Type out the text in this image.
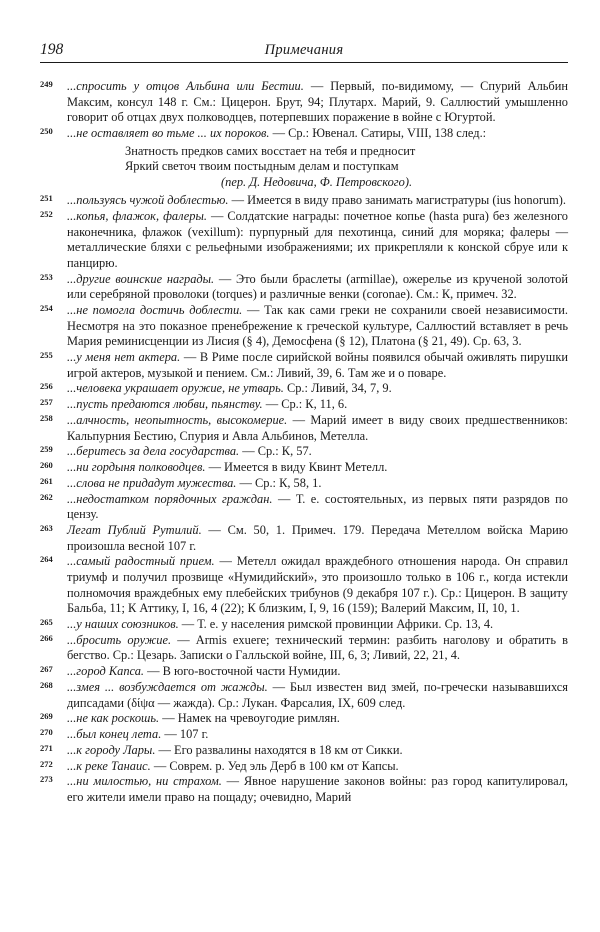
198	Примечания
249 ...спросить у отцов Альбина или Бестии. — Первый, по-видимому, — Спурий Альбин Максим, консул 148 г. См.: Цицерон. Брут, 94; Плутарх. Марий, 9. Саллюстий умышленно говорит об отцах двух полководцев, потерпевших поражение в войне с Югуртой.
250 ...не оставляет во тьме ... их пороков. — Ср.: Ювенал. Сатиры, VIII, 138 след.:
Знатность предков самих восстает на тебя и предносит
Яркий светоч твоим постыдным делам и поступкам
(пер. Д. Недовича, Ф. Петровского).
251 ...пользуясь чужой доблестью. — Имеется в виду право занимать магистратуры (ius honorum).
252 ...копья, флажок, фалеры. — Солдатские награды: почетное копье (hasta pura) без железного наконечника, флажок (vexillum): пурпурный для пехотинца, синий для моряка; фалеры — металлические бляхи с рельефными изображениями; их прикрепляли к конской сбруе или к панцирю.
253 ...другие воинские награды. — Это были браслеты (armillae), ожерелье из крученой золотой или серебряной проволоки (torques) и различные венки (coronae). См.: К, примеч. 32.
254 ...не помогла достичь доблести. — Так как сами греки не сохранили своей независимости. Несмотря на это показное пренебрежение к греческой культуре, Саллюстий вставляет в речь Мария реминисценции из Лисия (§ 4), Демосфена (§ 12), Платона (§ 21, 49). Ср. 63, 3.
255 ...у меня нет актера. — В Риме после сирийской войны появился обычай оживлять пирушки игрой актеров, музыкой и пением. См.: Ливий, 39, 6. Там же и о поваре.
256 ...человека украшает оружие, не утварь. Ср.: Ливий, 34, 7, 9.
257 ...пусть предаются любви, пьянству. — Ср.: К, 11, 6.
258 ...алчность, неопытность, высокомерие. — Марий имеет в виду своих предшественников: Кальпурния Бестию, Спурия и Авла Альбинов, Метелла.
259 ...беритесь за дела государства. — Ср.: К, 57.
260 ...ни гордыня полководцев. — Имеется в виду Квинт Метелл.
261 ...слова не придадут мужества. — Ср.: К, 58, 1.
262 ...недостатком порядочных граждан. — Т. е. состоятельных, из первых пяти разрядов по цензу.
263 Легат Публий Рутилий. — См. 50, 1. Примеч. 179. Передача Метеллом войска Марию произошла весной 107 г.
264 ...самый радостный прием. — Метелл ожидал враждебного отношения народа. Он справил триумф и получил прозвище «Нумидийский», это произошло только в 106 г., когда истекли полномочия враждебных ему плебейских трибунов (9 декабря 107 г.). Ср.: Цицерон. В защиту Бальба, 11; К Аттику, I, 16, 4 (22); К близким, I, 9, 16 (159); Валерий Максим, II, 10, 1.
265 ...у наших союзников. — Т. е. у населения римской провинции Африки. Ср. 13, 4.
266 ...бросить оружие. — Armis exuere; технический термин: разбить наголову и обратить в бегство. Ср.: Цезарь. Записки о Галльской войне, III, 6, 3; Ливий, 22, 21, 4.
267 ...город Капса. — В юго-восточной части Нумидии.
268 ...змея ... возбуждается от жажды. — Был известен вид змей, по-гречески называвшихся дипсадами (δίψα — жажда). Ср.: Лукан. Фарсалия, IX, 609 след.
269 ...не как роскошь. — Намек на чревоугодие римлян.
270 ...был конец лета. — 107 г.
271 ...к городу Лары. — Его развалины находятся в 18 км от Сикки.
272 ...к реке Танаис. — Соврем. р. Уед эль Дерб в 100 км от Капсы.
273 ...ни милостью, ни страхом. — Явное нарушение законов войны: раз город капитулировал, его жители имели право на пощаду; очевидно, Марий
